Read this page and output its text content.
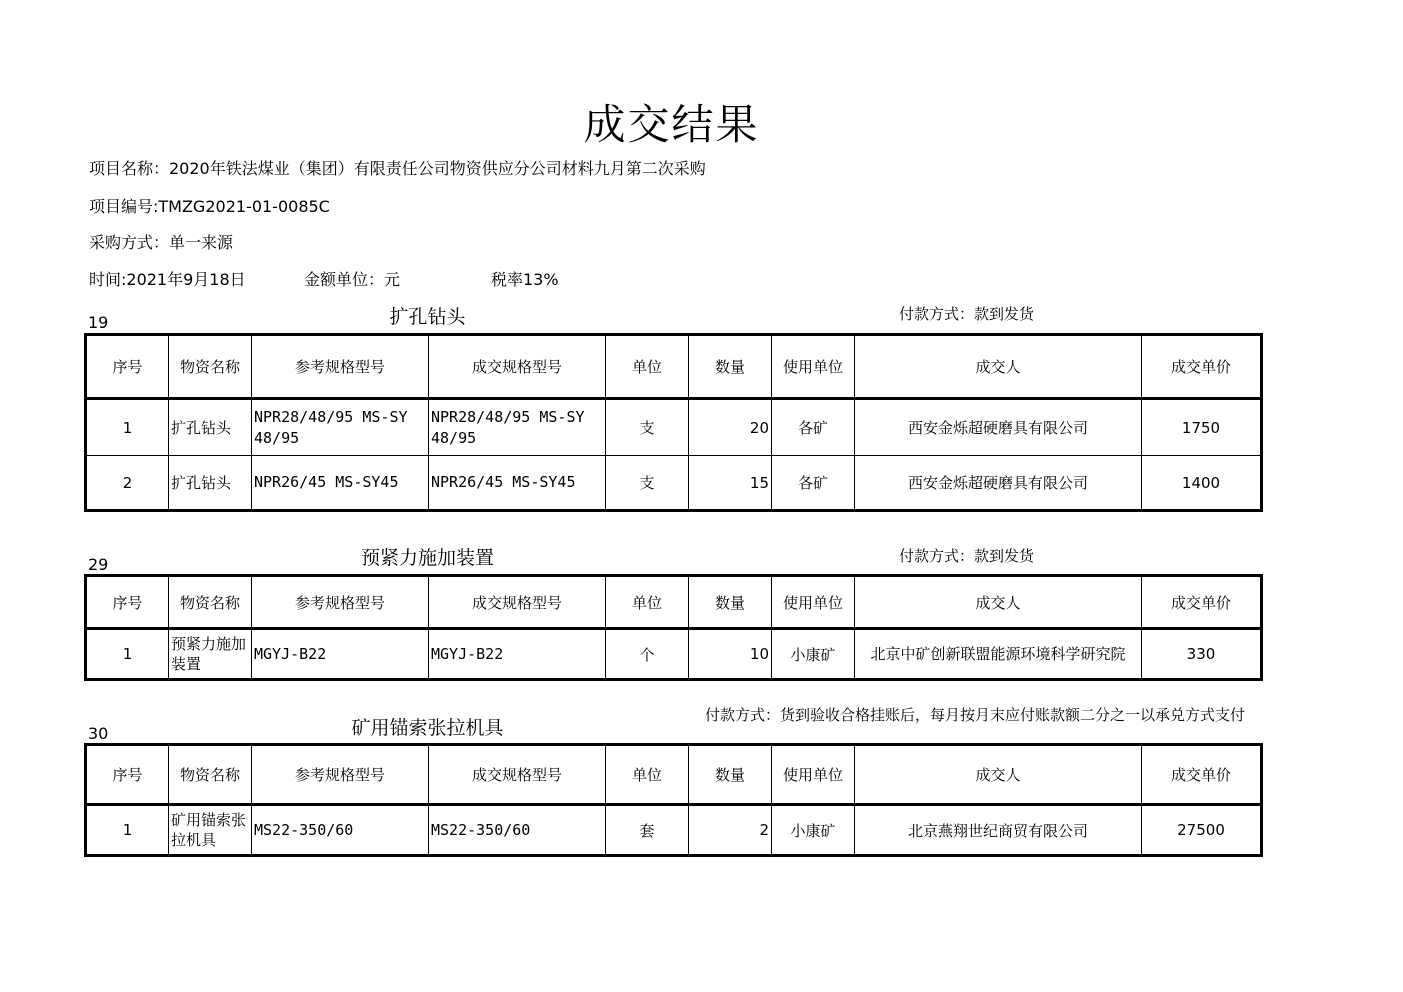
成交结果
项目名称：2020年铁法煤业（集团）有限责任公司物资供应分公司材料九月第二次采购
项目编号:TMZG2021-01-0085C
采购方式：单一来源
时间:2021年9月18日	金额单位：元	税率13%
19	扩孔钻头	付款方式：款到发货
序号	物资名称	参考规格型号	成交规格型号	单位	数量	使用单位	成交人	成交单价
1	扩孔钻头	NPR28/48/95 MS-SY 48/95	NPR28/48/95 MS-SY 48/95	支	20	各矿	西安金烁超硬磨具有限公司	1750
2	扩孔钻头	NPR26/45 MS-SY45	NPR26/45 MS-SY45	支	15	各矿	西安金烁超硬磨具有限公司	1400
29	预紧力施加装置	付款方式：款到发货
序号	物资名称	参考规格型号	成交规格型号	单位	数量	使用单位	成交人	成交单价
1	预紧力施加装置	MGYJ-B22	MGYJ-B22	个	10	小康矿	北京中矿创新联盟能源环境科学研究院	330
30	矿用锚索张拉机具
付款方式：货到验收合格挂账后，每月按月末应付账款额二分之一以承兑方式支付
序号	物资名称	参考规格型号	成交规格型号	单位	数量	使用单位	成交人	成交单价
1	矿用锚索张拉机具	MS22-350/60	MS22-350/60	套	2	小康矿	北京燕翔世纪商贸有限公司	27500
